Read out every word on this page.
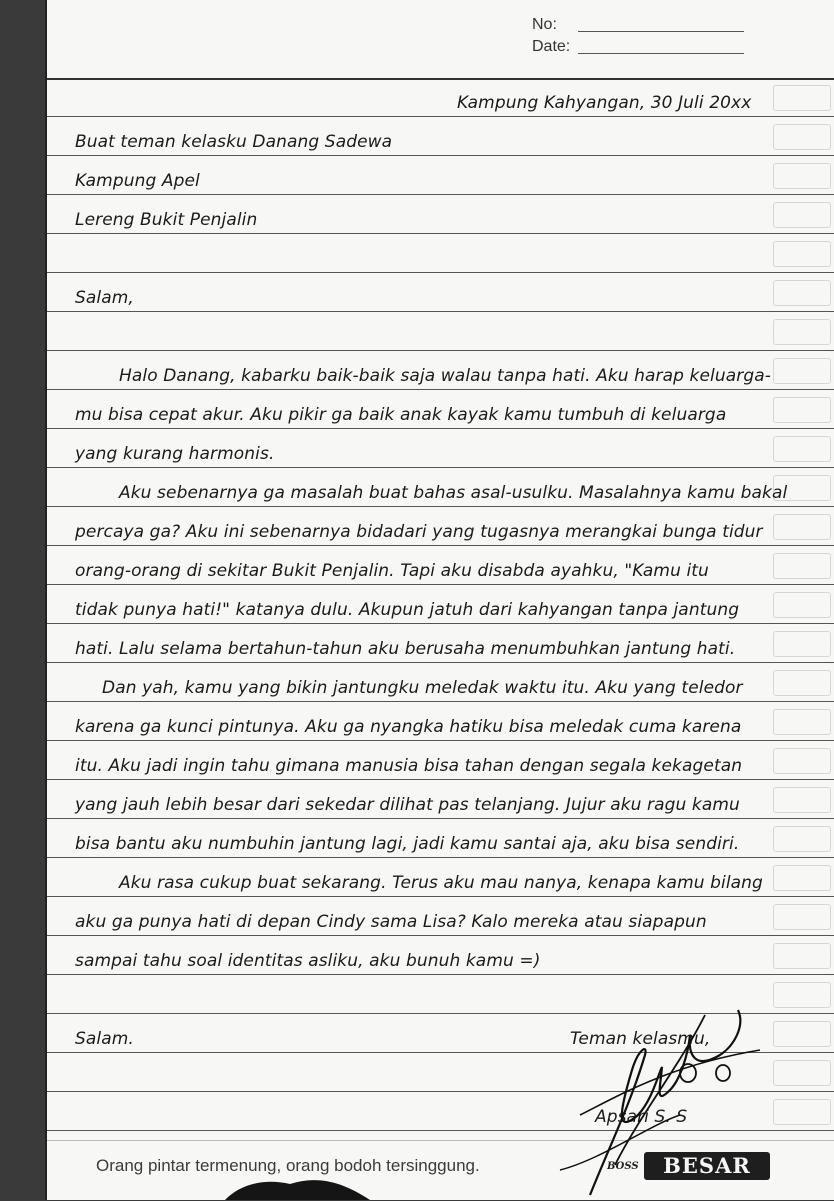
No:
Date:
Kampung Kahyangan, 30 Juli 20xx
Buat teman kelasku Danang Sadewa
Kampung Apel
Lereng Bukit Penjalin
Salam,
Halo Danang, kabarku baik-baik saja walau tanpa hati. Aku harap keluarga-
mu bisa cepat akur. Aku pikir ga baik anak kayak kamu tumbuh di keluarga
yang kurang harmonis.
Aku sebenarnya ga masalah buat bahas asal-usulku. Masalahnya kamu bakal
percaya ga? Aku ini sebenarnya bidadari yang tugasnya merangkai bunga tidur
orang-orang di sekitar Bukit Penjalin. Tapi aku disabda ayahku, "Kamu itu
tidak punya hati!" katanya dulu. Akupun jatuh dari kahyangan tanpa jantung
hati. Lalu selama bertahun-tahun aku berusaha menumbuhkan jantung hati.
Dan yah, kamu yang bikin jantungku meledak waktu itu. Aku yang teledor
karena ga kunci pintunya. Aku ga nyangka hatiku bisa meledak cuma karena
itu. Aku jadi ingin tahu gimana manusia bisa tahan dengan segala kekagetan
yang jauh lebih besar dari sekedar dilihat pas telanjang. Jujur aku ragu kamu
bisa bantu aku numbuhin jantung lagi, jadi kamu santai aja, aku bisa sendiri.
Aku rasa cukup buat sekarang. Terus aku mau nanya, kenapa kamu bilang
aku ga punya hati di depan Cindy sama Lisa? Kalo mereka atau siapapun
sampai tahu soal identitas asliku, aku bunuh kamu =)
Salam.	Teman kelasmu,
Apsari S. S
Orang pintar termenung, orang bodoh tersinggung.	BOSS	BESAR
